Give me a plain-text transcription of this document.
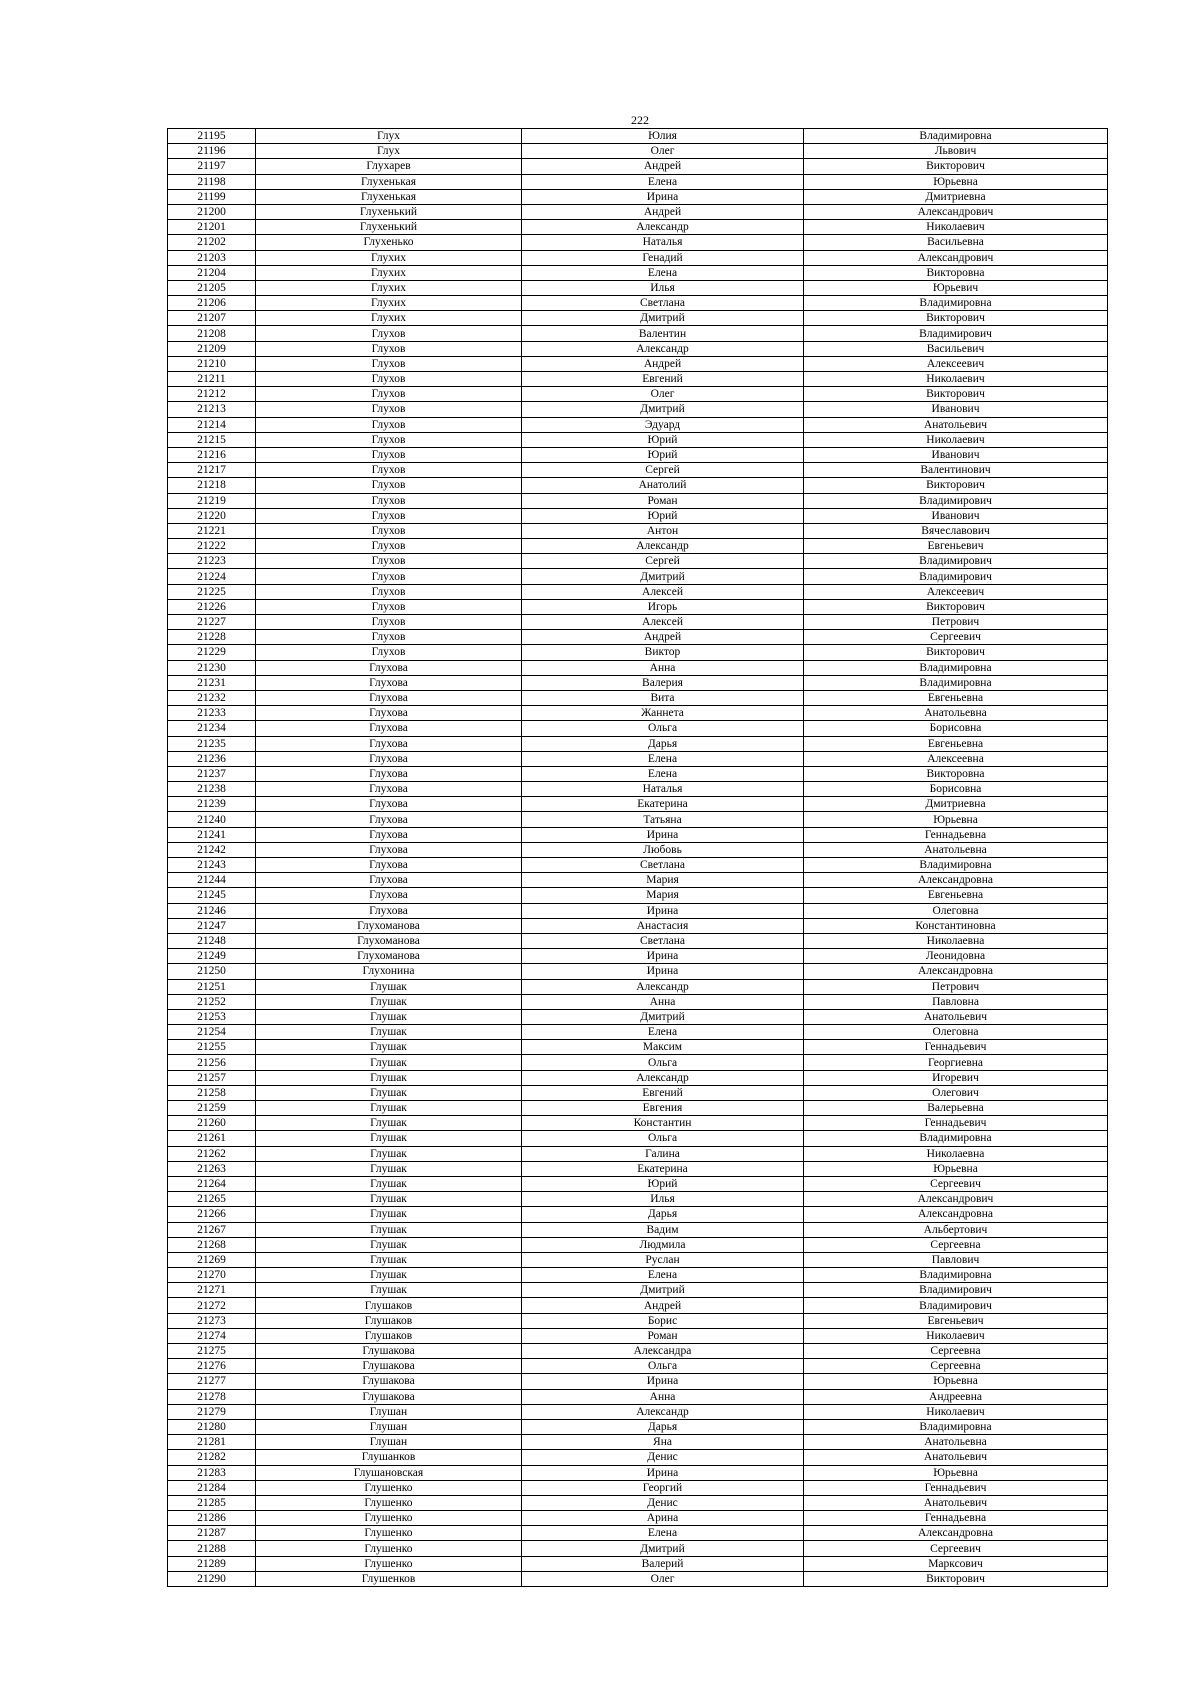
222
21195	Глух	Юлия	Владимировна
21196	Глух	Олег	Львович
21197	Глухарев	Андрей	Викторович
21198	Глухенькая	Елена	Юрьевна
21199	Глухенькая	Ирина	Дмитриевна
21200	Глухенький	Андрей	Александрович
21201	Глухенький	Александр	Николаевич
21202	Глухенько	Наталья	Васильевна
21203	Глухих	Генадий	Александрович
21204	Глухих	Елена	Викторовна
21205	Глухих	Илья	Юрьевич
21206	Глухих	Светлана	Владимировна
21207	Глухих	Дмитрий	Викторович
21208	Глухов	Валентин	Владимирович
21209	Глухов	Александр	Васильевич
21210	Глухов	Андрей	Алексеевич
21211	Глухов	Евгений	Николаевич
21212	Глухов	Олег	Викторович
21213	Глухов	Дмитрий	Иванович
21214	Глухов	Эдуард	Анатольевич
21215	Глухов	Юрий	Николаевич
21216	Глухов	Юрий	Иванович
21217	Глухов	Сергей	Валентинович
21218	Глухов	Анатолий	Викторович
21219	Глухов	Роман	Владимирович
21220	Глухов	Юрий	Иванович
21221	Глухов	Антон	Вячеславович
21222	Глухов	Александр	Евгеньевич
21223	Глухов	Сергей	Владимирович
21224	Глухов	Дмитрий	Владимирович
21225	Глухов	Алексей	Алексеевич
21226	Глухов	Игорь	Викторович
21227	Глухов	Алексей	Петрович
21228	Глухов	Андрей	Сергеевич
21229	Глухов	Виктор	Викторович
21230	Глухова	Анна	Владимировна
21231	Глухова	Валерия	Владимировна
21232	Глухова	Вита	Евгеньевна
21233	Глухова	Жаннета	Анатольевна
21234	Глухова	Ольга	Борисовна
21235	Глухова	Дарья	Евгеньевна
21236	Глухова	Елена	Алексеевна
21237	Глухова	Елена	Викторовна
21238	Глухова	Наталья	Борисовна
21239	Глухова	Екатерина	Дмитриевна
21240	Глухова	Татьяна	Юрьевна
21241	Глухова	Ирина	Геннадьевна
21242	Глухова	Любовь	Анатольевна
21243	Глухова	Светлана	Владимировна
21244	Глухова	Мария	Александровна
21245	Глухова	Мария	Евгеньевна
21246	Глухова	Ирина	Олеговна
21247	Глухоманова	Анастасия	Константиновна
21248	Глухоманова	Светлана	Николаевна
21249	Глухоманова	Ирина	Леонидовна
21250	Глухонина	Ирина	Александровна
21251	Глушак	Александр	Петрович
21252	Глушак	Анна	Павловна
21253	Глушак	Дмитрий	Анатольевич
21254	Глушак	Елена	Олеговна
21255	Глушак	Максим	Геннадьевич
21256	Глушак	Ольга	Георгиевна
21257	Глушак	Александр	Игоревич
21258	Глушак	Евгений	Олегович
21259	Глушак	Евгения	Валерьевна
21260	Глушак	Константин	Геннадьевич
21261	Глушак	Ольга	Владимировна
21262	Глушак	Галина	Николаевна
21263	Глушак	Екатерина	Юрьевна
21264	Глушак	Юрий	Сергеевич
21265	Глушак	Илья	Александрович
21266	Глушак	Дарья	Александровна
21267	Глушак	Вадим	Альбертович
21268	Глушак	Людмила	Сергеевна
21269	Глушак	Руслан	Павлович
21270	Глушак	Елена	Владимировна
21271	Глушак	Дмитрий	Владимирович
21272	Глушаков	Андрей	Владимирович
21273	Глушаков	Борис	Евгеньевич
21274	Глушаков	Роман	Николаевич
21275	Глушакова	Александра	Сергеевна
21276	Глушакова	Ольга	Сергеевна
21277	Глушакова	Ирина	Юрьевна
21278	Глушакова	Анна	Андреевна
21279	Глушан	Александр	Николаевич
21280	Глушан	Дарья	Владимировна
21281	Глушан	Яна	Анатольевна
21282	Глушанков	Денис	Анатольевич
21283	Глушановская	Ирина	Юрьевна
21284	Глушенко	Георгий	Геннадьевич
21285	Глушенко	Денис	Анатольевич
21286	Глушенко	Арина	Геннадьевна
21287	Глушенко	Елена	Александровна
21288	Глушенко	Дмитрий	Сергеевич
21289	Глушенко	Валерий	Марксович
21290	Глушенков	Олег	Викторович
